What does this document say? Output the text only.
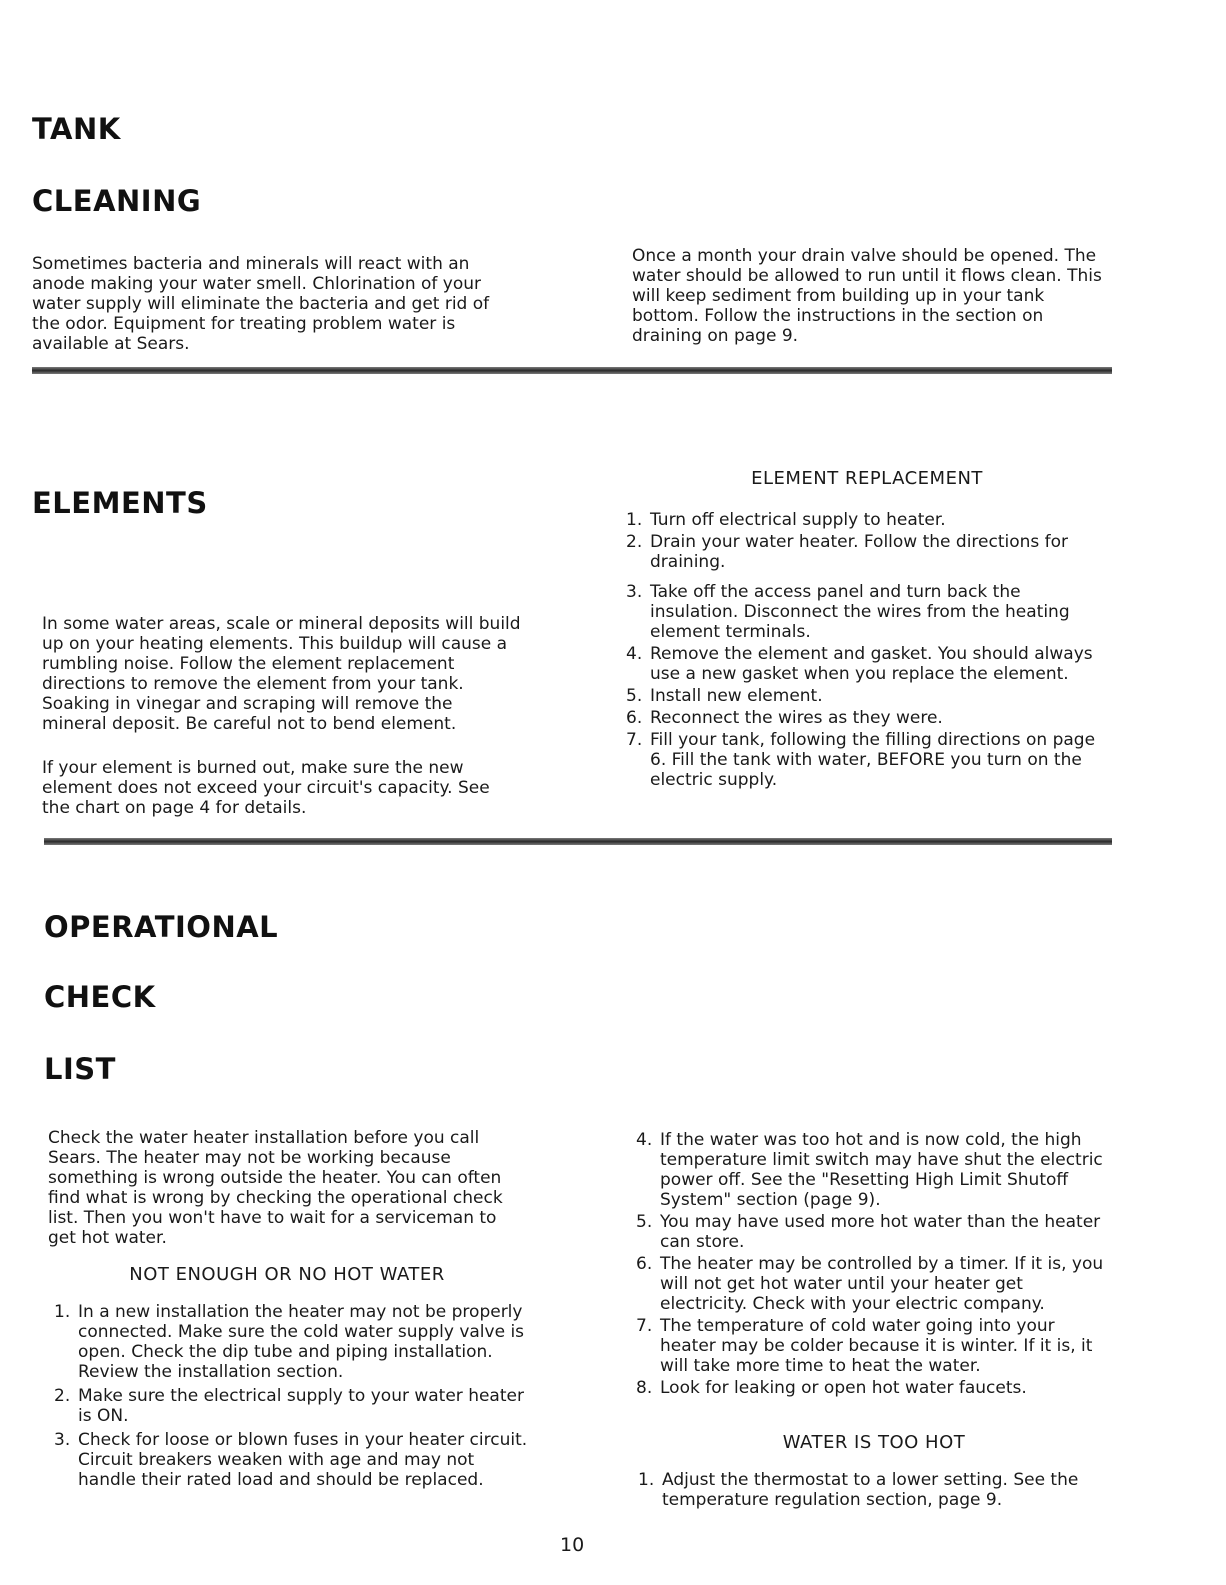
TANK
CLEANING

Sometimes bacteria and minerals will react with an anode making your water smell. Chlorination of your water supply will eliminate the bacteria and get rid of the odor. Equipment for treating problem water is available at Sears.

Once a month your drain valve should be opened. The water should be allowed to run until it flows clean. This will keep sediment from building up in your tank bottom. Follow the instructions in the section on draining on page 9.

ELEMENTS

In some water areas, scale or mineral deposits will build up on your heating elements. This buildup will cause a rumbling noise. Follow the element replacement directions to remove the element from your tank. Soaking in vinegar and scraping will remove the mineral deposit. Be careful not to bend element.

If your element is burned out, make sure the new element does not exceed your circuit's capacity. See the chart on page 4 for details.

ELEMENT REPLACEMENT
1. Turn off electrical supply to heater.
2. Drain your water heater. Follow the directions for draining.
3. Take off the access panel and turn back the insulation. Disconnect the wires from the heating element terminals.
4. Remove the element and gasket. You should always use a new gasket when you replace the element.
5. Install new element.
6. Reconnect the wires as they were.
7. Fill your tank, following the filling directions on page 6. Fill the tank with water, BEFORE you turn on the electric supply.
OPERATIONAL
CHECK
LIST

Check the water heater installation before you call Sears. The heater may not be working because something is wrong outside the heater. You can often find what is wrong by checking the operational check list. Then you won't have to wait for a serviceman to get hot water.

NOT ENOUGH OR NO HOT WATER
1. In a new installation the heater may not be properly connected. Make sure the cold water supply valve is open. Check the dip tube and piping installation. Review the installation section.
2. Make sure the electrical supply to your water heater is ON.
3. Check for loose or blown fuses in your heater circuit. Circuit breakers weaken with age and may not handle their rated load and should be replaced.
4. If the water was too hot and is now cold, the high temperature limit switch may have shut the electric power off. See the "Resetting High Limit Shutoff System" section (page 9).
5. You may have used more hot water than the heater can store.
6. The heater may be controlled by a timer. If it is, you will not get hot water until your heater get electricity. Check with your electric company.
7. The temperature of cold water going into your heater may be colder because it is winter. If it is, it will take more time to heat the water.
8. Look for leaking or open hot water faucets.
WATER IS TOO HOT
1. Adjust the thermostat to a lower setting. See the temperature regulation section, page 9.
10
